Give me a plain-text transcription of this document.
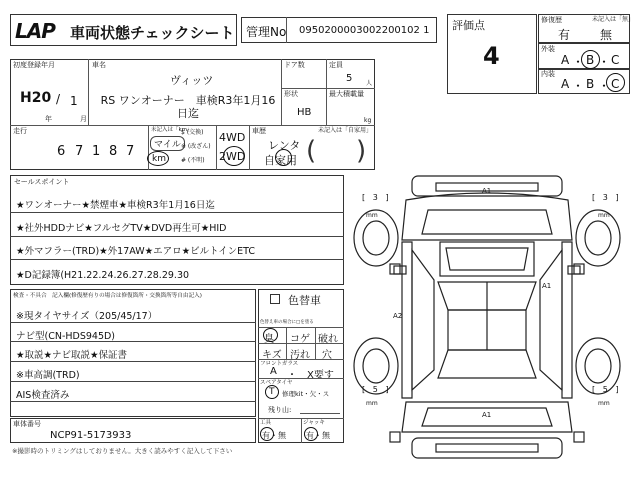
LAP 車両状態チェックシート 管理No 0950200003002200102 1 評価点
4
修復歴	未記入は「無」
有 無
外装
A ・ B ・ C
内装
A ・ B ・ C
初度登録年月
H20 / 1
年	月
車名
ヴィッツ
RS ワンオーナー　車検R3年1月16日迄
ドア数	定員
5 人
形状
HB
最大積載量
kg
走行
6 7 1 8 7
未記入は「km」
マイル
km
$ (交換)
※ (改ざん)
# (不明)
4WD
2WD
車歴	未記入は「自家用」
レンタ
自家用 ( )
セールスポイント
★ワンオーナー★禁煙車★車検R3年1月16日迄
★社外HDDナビ★フルセグTV★DVD再生可★HID
★外マフラー(TRD)★外17AW★エアロ★ビルトインETC
★D記録簿(H21.22.24.26.27.28.29.30
検査・不具合　記入欄(修復歴有りの場合は修復箇所・交換箇所等自由記入)
※現タイヤサイズ（205/45/17）
ナビ型(CN-HDS945D)
★取説★ナビ取説★保証書
※車高調(TRD)
AIS検査済み
車体番号
NCP91-5173933
色替車
色替え車の場合に□を塗る
臭 コゲ 破れ
キズ 汚れ 穴
フロントガラス
A ・ X要す
スペアタイヤ
T 修理kit・欠・ス
残り山:
工具
有・無
ジャッキ
有・無
A1
A1
A2
A1
[   3   ]
mm
[   3   ]
mm
[   5   ]
mm
[   5   ]
mm
※撮影時のトリミングはしておりません。大きく読みやすく記入して下さい
